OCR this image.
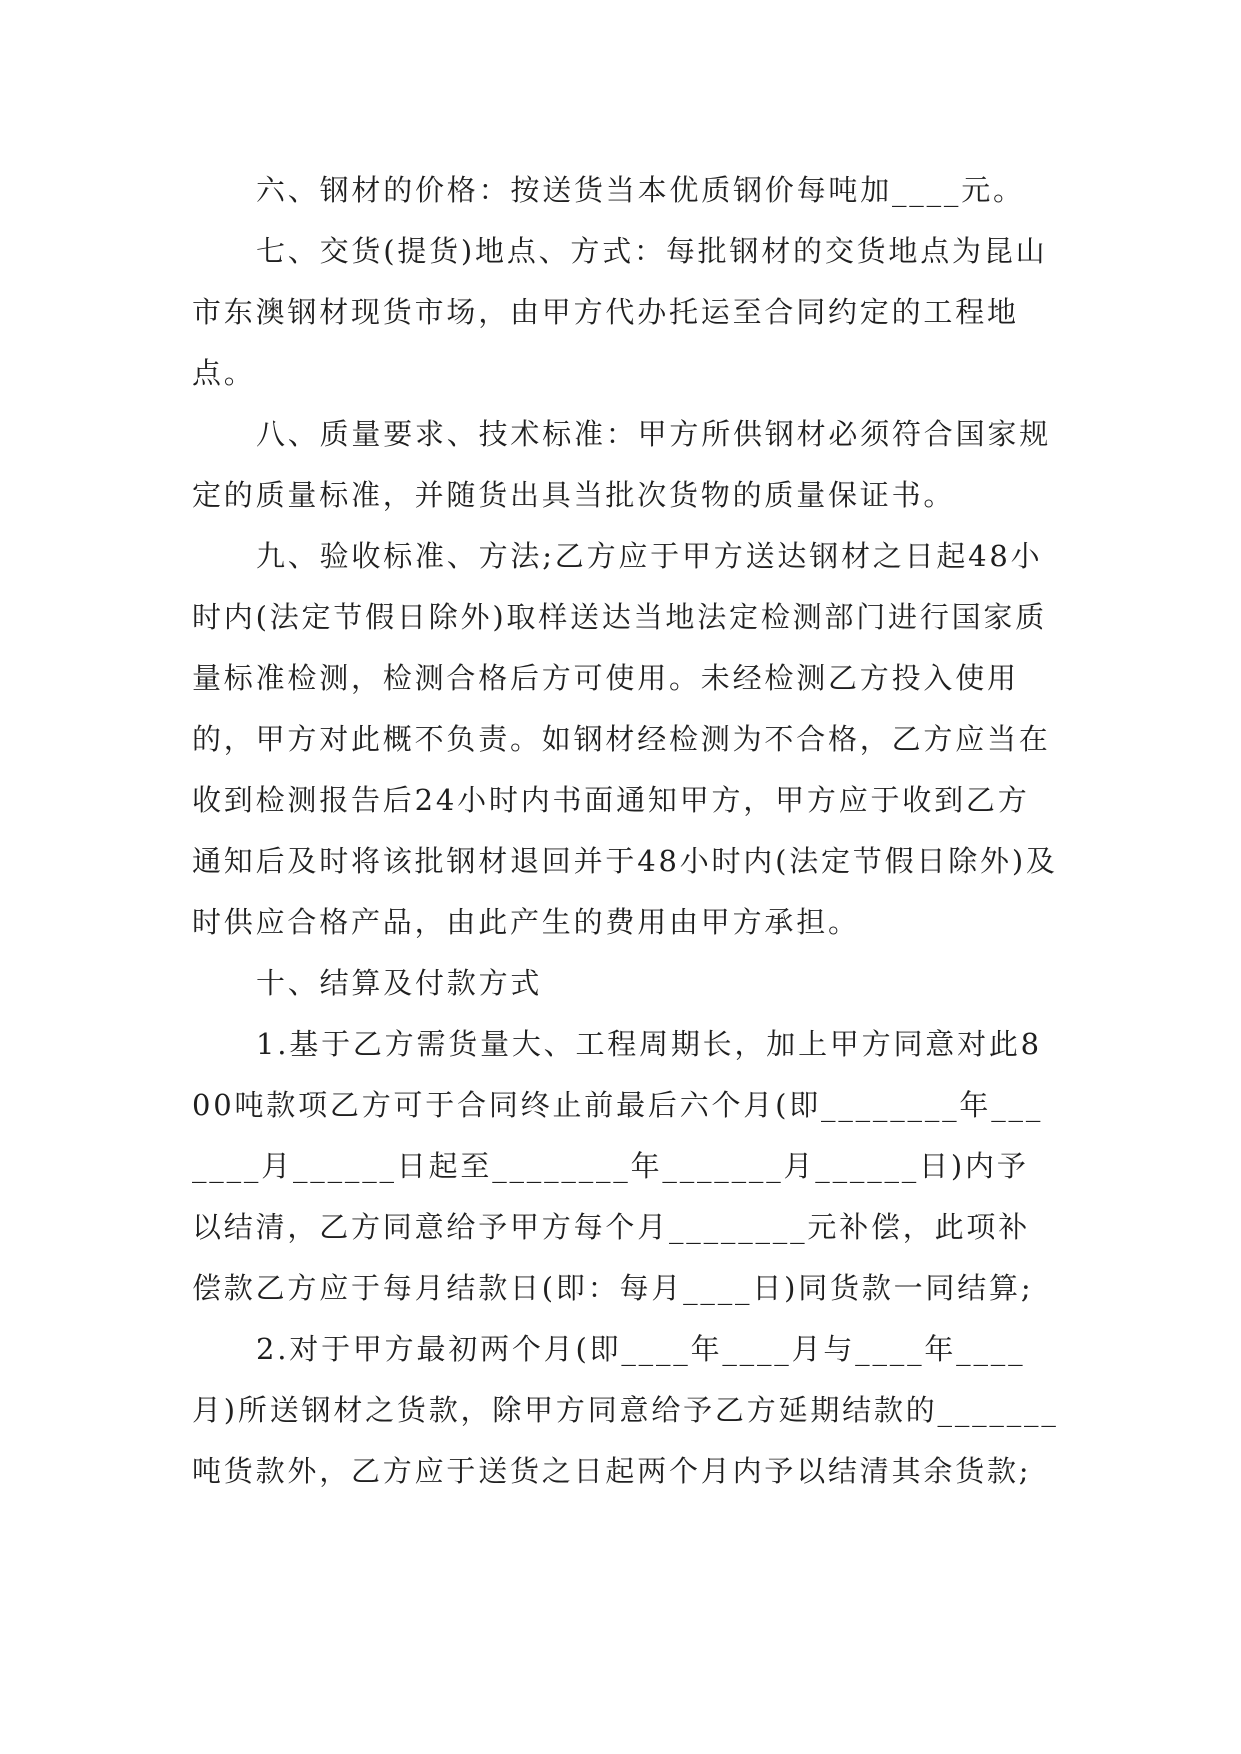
六、钢材的价格：按送货当本优质钢价每吨加____元。

七、交货(提货)地点、方式：每批钢材的交货地点为昆山市东澳钢材现货市场，由甲方代办托运至合同约定的工程地点。

八、质量要求、技术标准：甲方所供钢材必须符合国家规定的质量标准，并随货出具当批次货物的质量保证书。

九、验收标准、方法;乙方应于甲方送达钢材之日起48小时内(法定节假日除外)取样送达当地法定检测部门进行国家质量标准检测，检测合格后方可使用。未经检测乙方投入使用的，甲方对此概不负责。如钢材经检测为不合格，乙方应当在收到检测报告后24小时内书面通知甲方，甲方应于收到乙方通知后及时将该批钢材退回并于48小时内(法定节假日除外)及时供应合格产品，由此产生的费用由甲方承担。

十、结算及付款方式

1.基于乙方需货量大、工程周期长，加上甲方同意对此800吨款项乙方可于合同终止前最后六个月(即________年_______月______日起至________年_______月______日)内予以结清，乙方同意给予甲方每个月________元补偿，此项补偿款乙方应于每月结款日(即：每月____日)同货款一同结算;

2.对于甲方最初两个月(即____年____月与____年____月)所送钢材之货款，除甲方同意给予乙方延期结款的_______吨货款外，乙方应于送货之日起两个月内予以结清其余货款;
